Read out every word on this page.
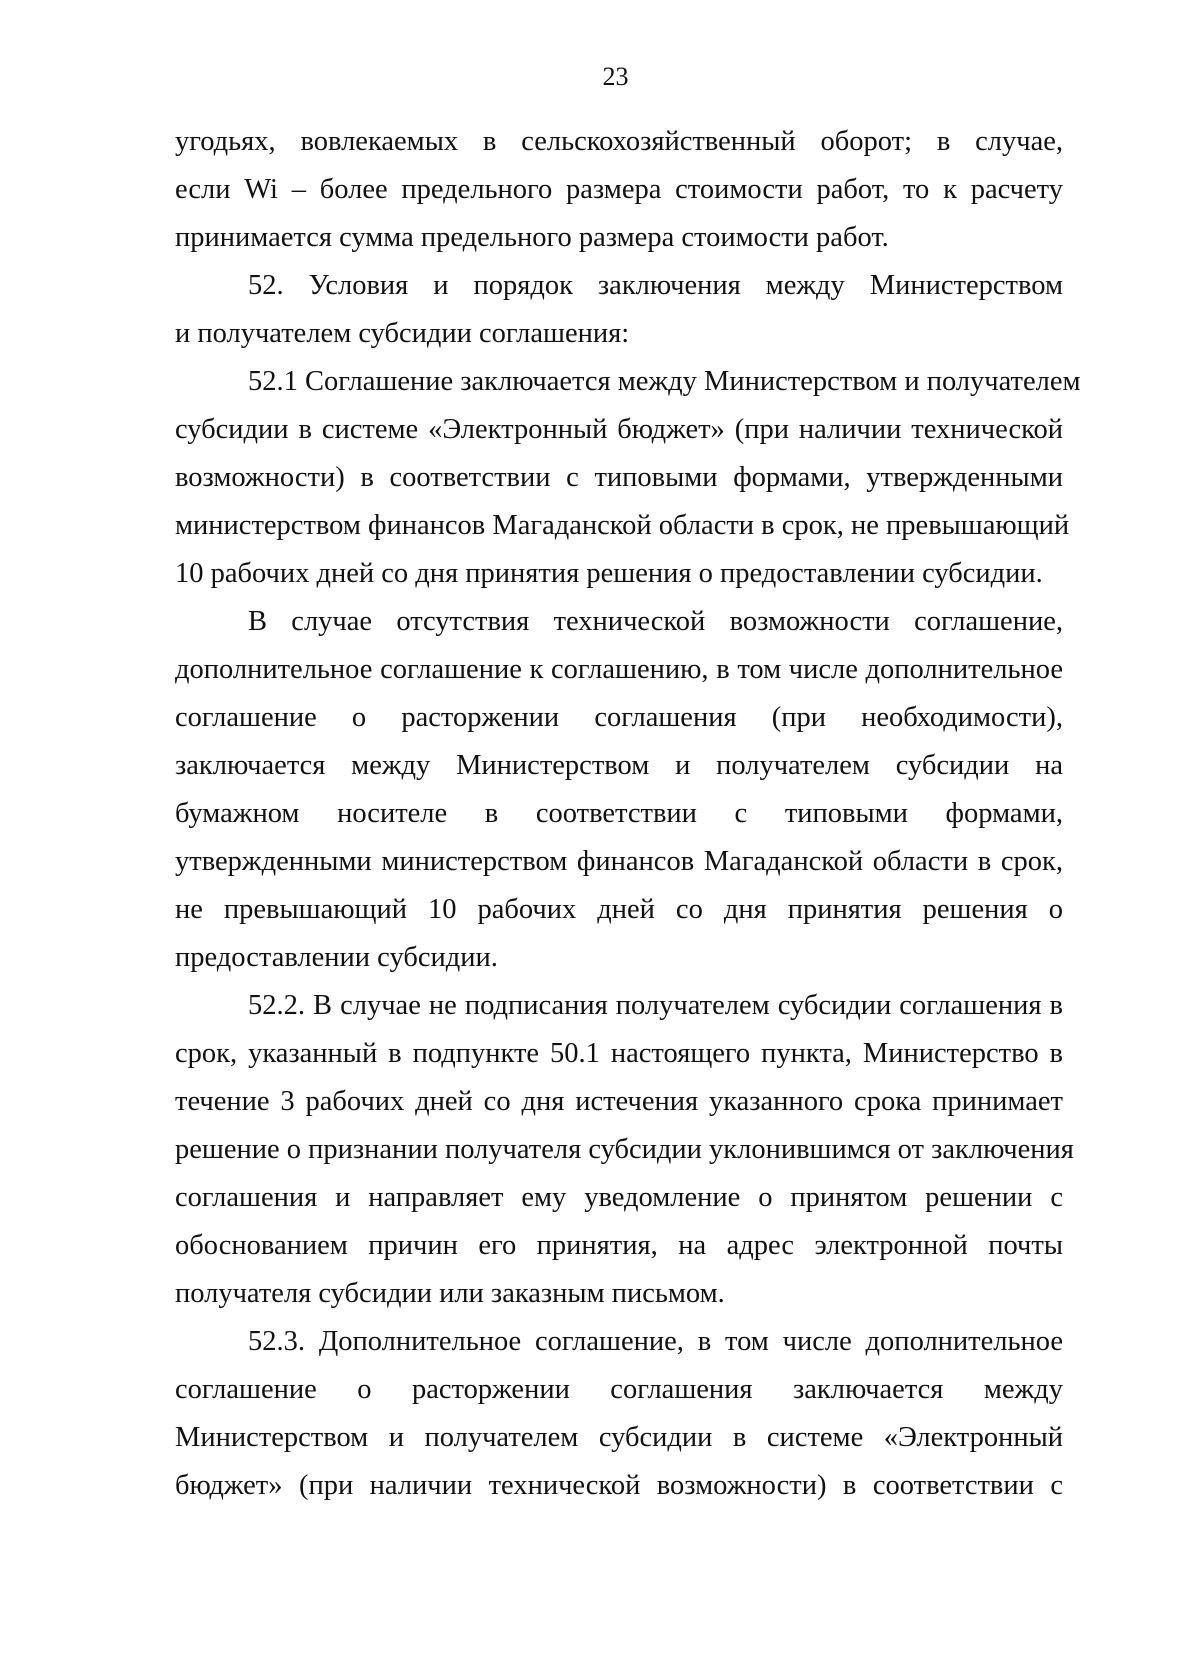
23
угодьях, вовлекаемых в сельскохозяйственный оборот; в случае,
если Wi – более предельного размера стоимости работ, то к расчету
принимается сумма предельного размера стоимости работ.
52. Условия и порядок заключения между Министерством
и получателем субсидии соглашения:
52.1 Соглашение заключается между Министерством и получателем
субсидии в системе «Электронный бюджет» (при наличии технической
возможности) в соответствии с типовыми формами, утвержденными
министерством финансов Магаданской области в срок, не превышающий
10 рабочих дней со дня принятия решения о предоставлении субсидии.
В случае отсутствия технической возможности соглашение,
дополнительное соглашение к соглашению, в том числе дополнительное
соглашение о расторжении соглашения (при необходимости),
заключается между Министерством и получателем субсидии на
бумажном носителе в соответствии с типовыми формами,
утвержденными министерством финансов Магаданской области в срок,
не превышающий 10 рабочих дней со дня принятия решения о
предоставлении субсидии.
52.2. В случае не подписания получателем субсидии соглашения в
срок, указанный в подпункте 50.1 настоящего пункта, Министерство в
течение 3 рабочих дней со дня истечения указанного срока принимает
решение о признании получателя субсидии уклонившимся от заключения
соглашения и направляет ему уведомление о принятом решении с
обоснованием причин его принятия, на адрес электронной почты
получателя субсидии или заказным письмом.
52.3. Дополнительное соглашение, в том числе дополнительное
соглашение о расторжении соглашения заключается между
Министерством и получателем субсидии в системе «Электронный
бюджет» (при наличии технической возможности) в соответствии с
